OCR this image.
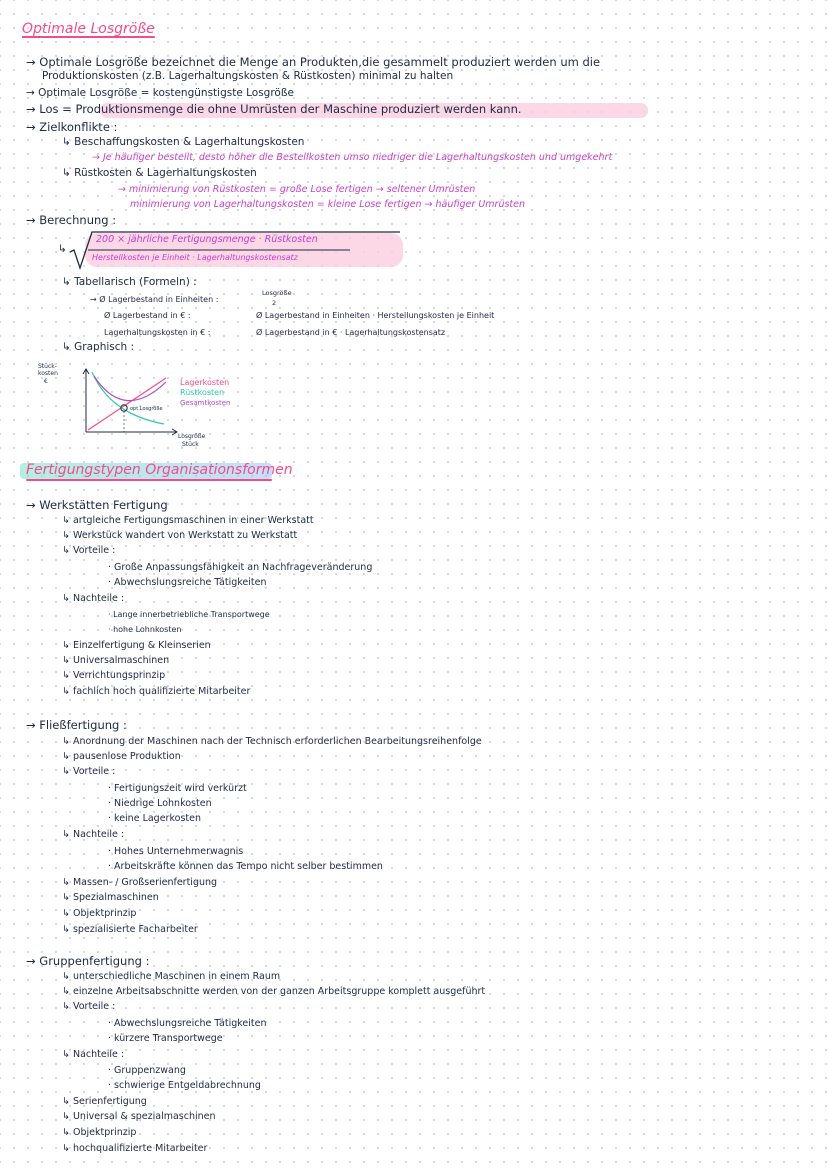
Optimale Losgröße
→ Optimale Losgröße bezeichnet die Menge an Produkten,die gesammelt produziert werden um die
Produktionskosten (z.B. Lagerhaltungskosten & Rüstkosten) minimal zu halten
→ Optimale Losgröße = kostengünstigste Losgröße
→ Los = Produktionsmenge die ohne Umrüsten der Maschine produziert werden kann.
→ Zielkonflikte :
↳ Beschaffungskosten & Lagerhaltungskosten
→ Je häufiger bestellt, desto höher die Bestellkosten umso niedriger die Lagerhaltungskosten und umgekehrt
↳ Rüstkosten & Lagerhaltungskosten
→ minimierung von Rüstkosten = große Lose fertigen → seltener Umrüsten
minimierung von Lagerhaltungskosten = kleine Lose fertigen → häufiger Umrüsten
→ Berechnung :
↳
200 × jährliche Fertigungsmenge · Rüstkosten
Herstellkosten je Einheit · Lagerhaltungskostensatz
↳ Tabellarisch (Formeln) :
→ Ø Lagerbestand in Einheiten :
Losgröße
2
Ø Lagerbestand in € :	Ø Lagerbestand in Einheiten · Herstellungskosten je Einheit
Lagerhaltungskosten in € :	Ø Lagerbestand in € · Lagerhaltungskostensatz
↳ Graphisch :
Stück-
kosten
€
opt.Losgröße
Lagerkosten
Rüstkosten
Gesamtkosten
Losgröße
Stück
Fertigungstypen Organisationsformen
→ Werkstätten Fertigung
↳ artgleiche Fertigungsmaschinen in einer Werkstatt
↳ Werkstück wandert von Werkstatt zu Werkstatt
↳ Vorteile :
· Große Anpassungsfähigkeit an Nachfrageveränderung
· Abwechslungsreiche Tätigkeiten
↳ Nachteile :
· Lange innerbetriebliche Transportwege
· hohe Lohnkosten
↳ Einzelfertigung & Kleinserien
↳ Universalmaschinen
↳ Verrichtungsprinzip
↳ fachlich hoch qualifizierte Mitarbeiter
→ Fließfertigung :
↳ Anordnung der Maschinen nach der Technisch erforderlichen Bearbeitungsreihenfolge
↳ pausenlose Produktion
↳ Vorteile :
· Fertigungszeit wird verkürzt
· Niedrige Lohnkosten
· keine Lagerkosten
↳ Nachteile :
· Hohes Unternehmerwagnis
· Arbeitskräfte können das Tempo nicht selber bestimmen
↳ Massen- / Großserienfertigung
↳ Spezialmaschinen
↳ Objektprinzip
↳ spezialisierte Facharbeiter
→ Gruppenfertigung :
↳ unterschiedliche Maschinen in einem Raum
↳ einzelne Arbeitsabschnitte werden von der ganzen Arbeitsgruppe komplett ausgeführt
↳ Vorteile :
· Abwechslungsreiche Tätigkeiten
· kürzere Transportwege
↳ Nachteile :
· Gruppenzwang
· schwierige Entgeldabrechnung
↳ Serienfertigung
↳ Universal & spezialmaschinen
↳ Objektprinzip
↳ hochqualifizierte Mitarbeiter
